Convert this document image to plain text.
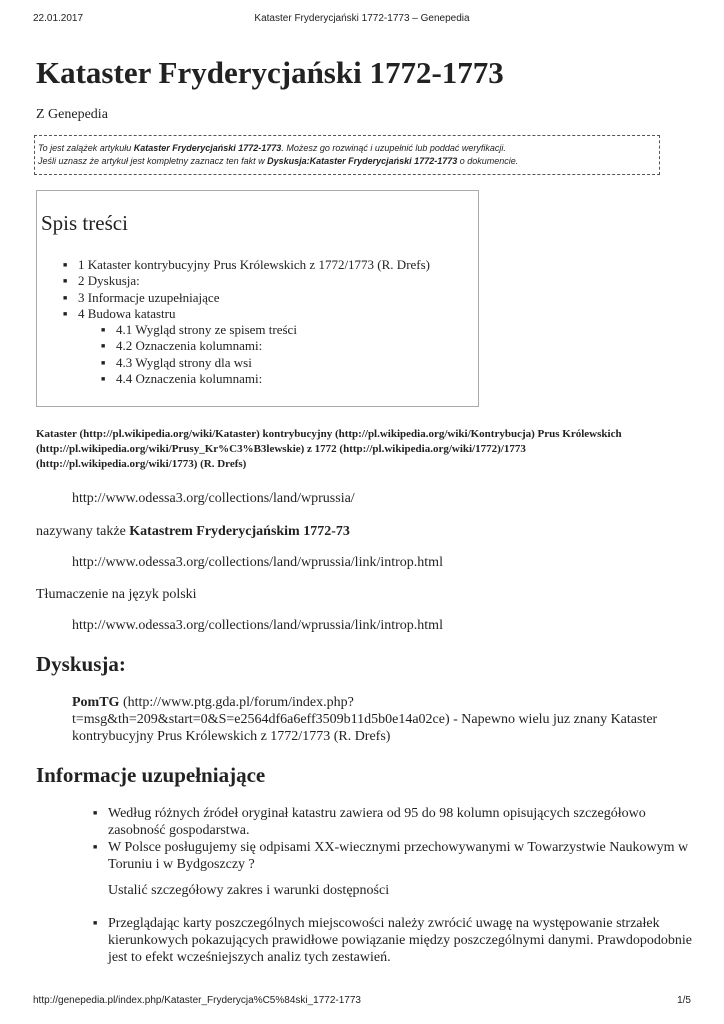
22.01.2017	Kataster Fryderycjański 1772-1773 – Genepedia
Kataster Fryderycjański 1772-1773
Z Genepedia
To jest zalążek artykułu Kataster Fryderycjański 1772-1773. Możesz go rozwinąć i uzupełnić lub poddać weryfikacji.
Jeśli uznasz że artykuł jest kompletny zaznacz ten fakt w Dyskusja:Kataster Fryderycjański 1772-1773 o dokumencie.
Spis treści
■ 1 Kataster kontrybucyjny Prus Królewskich z 1772/1773 (R. Drefs)
■ 2 Dyskusja:
■ 3 Informacje uzupełniające
■ 4 Budowa katastru
■ 4.1 Wygląd strony ze spisem treści
■ 4.2 Oznaczenia kolumnami:
■ 4.3 Wygląd strony dla wsi
■ 4.4 Oznaczenia kolumnami:
Kataster (http://pl.wikipedia.org/wiki/Kataster) kontrybucyjny (http://pl.wikipedia.org/wiki/Kontrybucja) Prus Królewskich
(http://pl.wikipedia.org/wiki/Prusy_Kr%C3%B3lewskie) z 1772 (http://pl.wikipedia.org/wiki/1772)/1773
(http://pl.wikipedia.org/wiki/1773) (R. Drefs)
http://www.odessa3.org/collections/land/wprussia/
nazywany także Katastrem Fryderycjańskim 1772-73
http://www.odessa3.org/collections/land/wprussia/link/introp.html
Tłumaczenie na język polski
http://www.odessa3.org/collections/land/wprussia/link/introp.html
Dyskusja:
PomTG (http://www.ptg.gda.pl/forum/index.php?t=msg&th=209&start=0&S=e2564df6a6eff3509b11d5b0e14a02ce) - Napewno wielu juz znany Kataster kontrybucyjny Prus Królewskich z 1772/1773 (R. Drefs)
Informacje uzupełniające
■ Według różnych źródeł oryginał katastru zawiera od 95 do 98 kolumn opisujących szczegółowo zasobność gospodarstwa.
■ W Polsce posługujemy się odpisami XX-wiecznymi przechowywanymi w Towarzystwie Naukowym w Toruniu i w Bydgoszczy ?
Ustalić szczegółowy zakres i warunki dostępności
■ Przeglądając karty poszczególnych miejscowości należy zwrócić uwagę na występowanie strzałek kierunkowych pokazujących prawidłowe powiązanie między poszczególnymi danymi. Prawdopodobnie jest to efekt wcześniejszych analiz tych zestawień.
http://genepedia.pl/index.php/Kataster_Fryderycja%C5%84ski_1772-1773	1/5
